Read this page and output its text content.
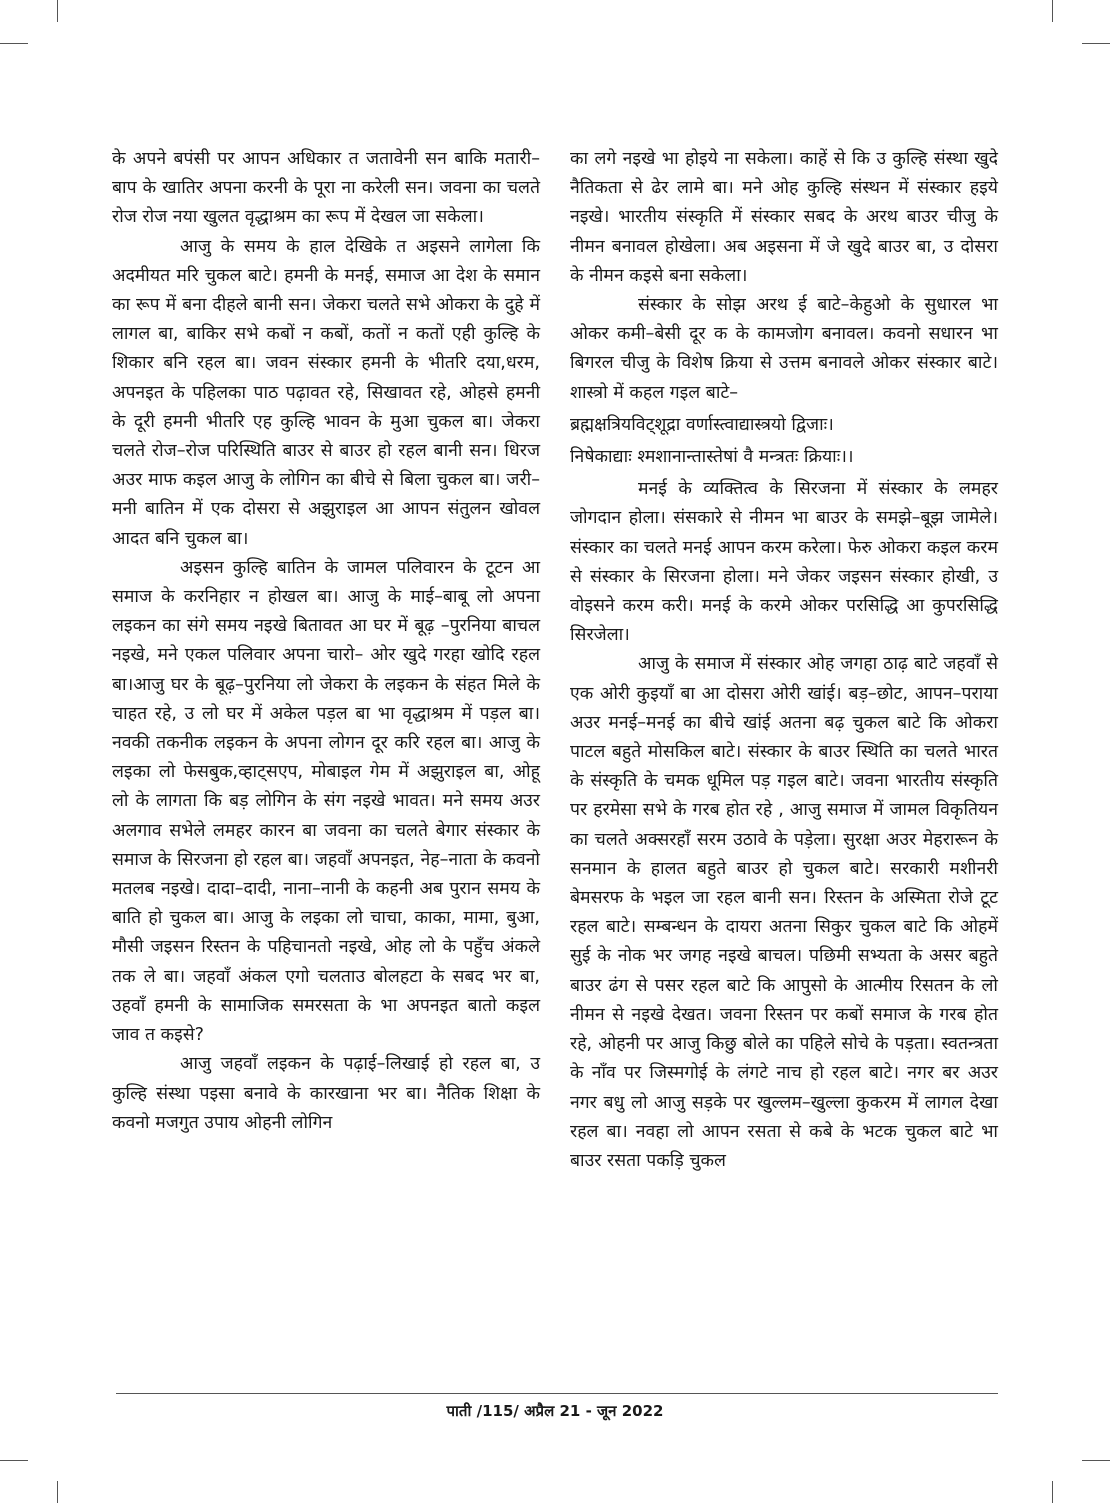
के अपने बपंसी पर आपन अधिकार त जतावेनी सन बाकि मतारी–बाप के खातिर अपना करनी के पूरा ना करेली सन। जवना का चलते रोज रोज नया खुलत वृद्धाश्रम का रूप में देखल जा सकेला।

आजु के समय के हाल देखिके त अइसने लागेला कि अदमीयत मरि चुकल बाटे। हमनी के मनई, समाज आ देश के समान का रूप में बना दीहले बानी सन। जेकरा चलते सभे ओकरा के दुहे में लागल बा, बाकिर सभे कबों न कबों, कतों न कतों एही कुल्हि के शिकार बनि रहल बा। जवन संस्कार हमनी के भीतरि दया,धरम, अपनइत के पहिलका पाठ पढ़ावत रहे, सिखावत रहे, ओहसे हमनी के दूरी हमनी भीतरि एह कुल्हि भावन के मुआ चुकल बा। जेकरा चलते रोज–रोज परिस्थिति बाउर से बाउर हो रहल बानी सन। धिरज अउर माफ कइल आजु के लोगिन का बीचे से बिला चुकल बा। जरी–मनी बातिन में एक दोसरा से अझुराइल आ आपन संतुलन खोवल आदत बनि चुकल बा।

अइसन कुल्हि बातिन के जामल पलिवारन के टूटन आ समाज के करनिहार न होखल बा। आजु के माई–बाबू लो अपना लइकन का संगे समय नइखे बितावत आ घर में बूढ़ –पुरनिया बाचल नइखे, मने एकल पलिवार अपना चारो– ओर खुदे गरहा खोदि रहल बा।आजु घर के बूढ़–पुरनिया लो जेकरा के लइकन के संहत मिले के चाहत रहे, उ लो घर में अकेल पड़ल बा भा वृद्धाश्रम में पड़ल बा। नवकी तकनीक लइकन के अपना लोगन दूर करि रहल बा। आजु के लइका लो फेसबुक,व्हाट्सएप, मोबाइल गेम में अझुराइल बा, ओहू लो के लागता कि बड़ लोगिन के संग नइखे भावत। मने समय अउर अलगाव सभेले लमहर कारन बा जवना का चलते बेगार संस्कार के समाज के सिरजना हो रहल बा। जहवाँ अपनइत, नेह–नाता के कवनो मतलब नइखे। दादा–दादी, नाना–नानी के कहनी अब पुरान समय के बाति हो चुकल बा। आजु के लइका लो चाचा, काका, मामा, बुआ, मौसी जइसन रिस्तन के पहिचानतो नइखे, ओह लो के पहुँच अंकले तक ले बा। जहवाँ अंकल एगो चलताउ बोलहटा के सबद भर बा, उहवाँ हमनी के सामाजिक समरसता के भा अपनइत बातो कइल जाव त कइसे?

आजु जहवाँ लइकन के पढ़ाई–लिखाई हो रहल बा, उ कुल्हि संस्था पइसा बनावे के कारखाना भर बा। नैतिक शिक्षा के कवनो मजगुत उपाय ओहनी लोगिन

का लगे नइखे भा होइये ना सकेला। काहें से कि उ कुल्हि संस्था खुदे नैतिकता से ढेर लामे बा। मने ओह कुल्हि संस्थन में संस्कार हइये नइखे। भारतीय संस्कृति में संस्कार सबद के अरथ बाउर चीजु के नीमन बनावल होखेला। अब अइसना में जे खुदे बाउर बा, उ दोसरा के नीमन कइसे बना सकेला।

संस्कार के सोझ अरथ ई बाटे–केहुओ के सुधारल भा ओकर कमी–बेसी दूर क के कामजोग बनावल। कवनो सधारन भा बिगरल चीजु के विशेष क्रिया से उत्तम बनावले ओकर संस्कार बाटे।शास्त्रो में कहल गइल बाटे–

ब्रह्मक्षत्रियविट्शूद्रा वर्णास्त्वाद्यास्त्रयो द्विजाः।

निषेकाद्याः श्मशानान्तास्तेषां वै मन्त्रतः क्रियाः।।

मनई के व्यक्तित्व के सिरजना में संस्कार के लमहर जोगदान होला। संसकारे से नीमन भा बाउर के समझे–बूझ जामेले। संस्कार का चलते मनई आपन करम करेला। फेरु ओकरा कइल करम से संस्कार के सिरजना होला। मने जेकर जइसन संस्कार होखी, उ वोइसने करम करी। मनई के करमे ओकर परसिद्धि आ कुपरसिद्धि सिरजेला।

आजु के समाज में संस्कार ओह जगहा ठाढ़ बाटे जहवाँ से एक ओरी कुइयाँ बा आ दोसरा ओरी खांई। बड़–छोट, आपन–पराया अउर मनई–मनई का बीचे खांई अतना बढ़ चुकल बाटे कि ओकरा पाटल बहुते मोसकिल बाटे। संस्कार के बाउर स्थिति का चलते भारत के संस्कृति के चमक धूमिल पड़ गइल बाटे। जवना भारतीय संस्कृति पर हरमेसा सभे के गरब होत रहे , आजु समाज में जामल विकृतियन का चलते अक्सरहाँ सरम उठावे के पड़ेला। सुरक्षा अउर मेहरारून के सनमान के हालत बहुते बाउर हो चुकल बाटे। सरकारी मशीनरी बेमसरफ के भइल जा रहल बानी सन। रिस्तन के अस्मिता रोजे टूट रहल बाटे। सम्बन्धन के दायरा अतना सिकुर चुकल बाटे कि ओहमें सुई के नोक भर जगह नइखे बाचल। पछिमी सभ्यता के असर बहुते बाउर ढंग से पसर रहल बाटे कि आपुसो के आत्मीय रिसतन के लो नीमन से नइखे देखत। जवना रिस्तन पर कबों समाज के गरब होत रहे, ओहनी पर आजु किछु बोले का पहिले सोचे के पड़ता। स्वतन्त्रता के नाँव पर जिस्मगोई के लंगटे नाच हो रहल बाटे। नगर बर अउर नगर बधु लो आजु सड़के पर खुल्लम–खुल्ला कुकरम में लागल देखा रहल बा। नवहा लो आपन रसता से कबे के भटक चुकल बाटे भा बाउर रसता पकड़ि चुकल

पाती /115/ अप्रैल 21 - जून 2022
